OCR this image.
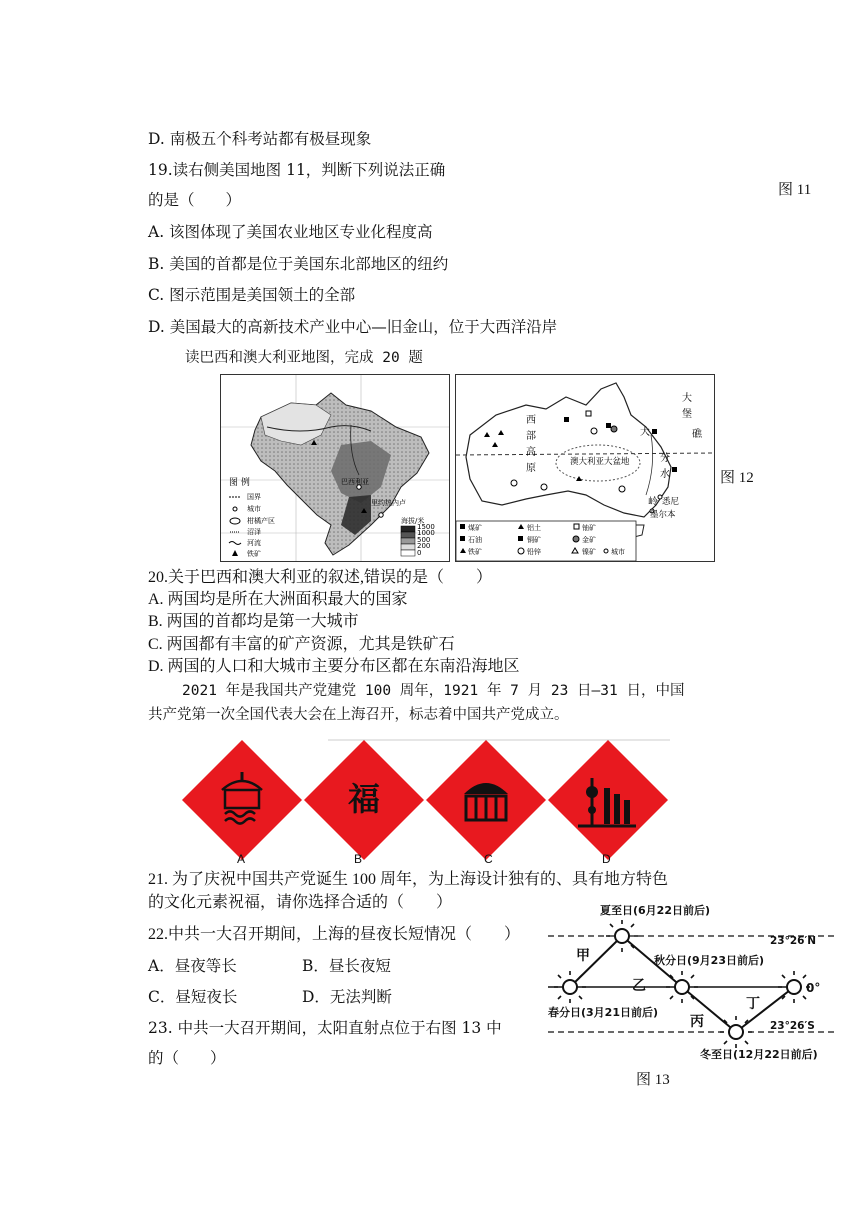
D. 南极五个科考站都有极昼现象
19.读右侧美国地图 11，判断下列说法正确
的是（　　）
图 11
A. 该图体现了美国农业地区专业化程度高
B. 美国的首都是位于美国东北部地区的纽约
C. 图示范围是美国领土的全部
D. 美国最大的高新技术产业中心—旧金山，位于大西洋沿岸
读巴西和澳大利亚地图，完成 20 题
巴西利亚
里约热内卢
图 例
国界
城市
柑橘产区
沼泽
河流
铁矿
海拔/米
1500
1000
500
200
0
西
部
高
原
澳大利亚大盆地
大
堡
礁
大
分
水
岭 悉尼
墨尔本
煤矿	铝土	铀矿
石油	铜矿	金矿
铁矿	铅锌	镍矿 城市
图 12
20.关于巴西和澳大利亚的叙述,错误的是（　　）
A. 两国均是所在大洲面积最大的国家
B. 两国的首都均是第一大城市
C. 两国都有丰富的矿产资源，尤其是铁矿石
D. 两国的人口和大城市主要分布区都在东南沿海地区
2021 年是我国共产党建党 100 周年，1921 年 7 月 23 日—31 日，中国
共产党第一次全国代表大会在上海召开，标志着中国共产党成立。
福
A	B	C	D
21. 为了庆祝中国共产党诞生 100 周年，为上海设计独有的、具有地方特色
的文化元素祝福，请你选择合适的（　　）
22.中共一大召开期间，上海的昼夜长短情况（　　）
A．昼夜等长	B．昼长夜短
C．昼短夜长	D．无法判断
23. 中共一大召开期间，太阳直射点位于右图 13 中
的（　　）
夏至日(6月22日前后)
23°26′N
秋分日(9月23日前后)
春分日(3月21日前后)
0°
23°26′S
冬至日(12月22日前后)
甲
乙
丙
丁
图 13
